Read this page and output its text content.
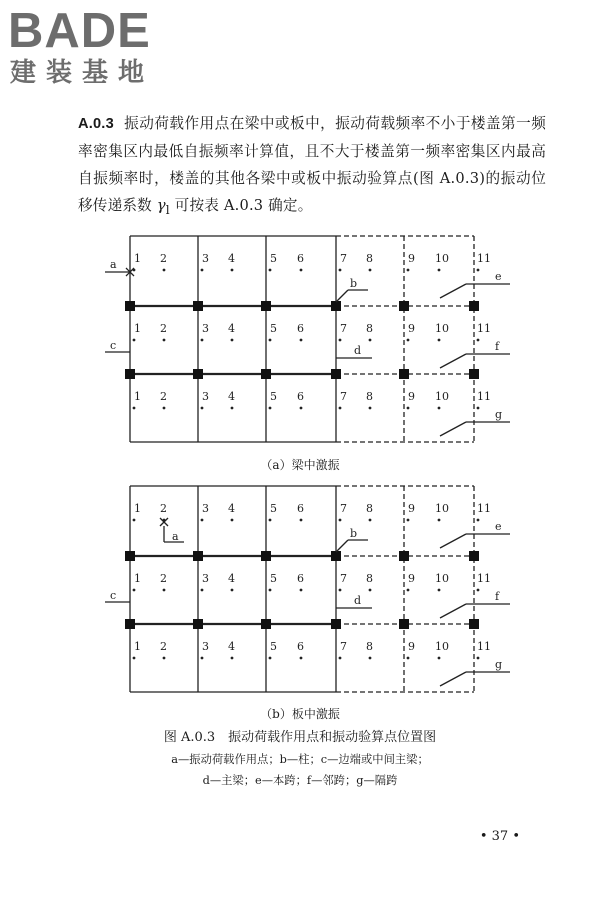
BADE
建装基地
A.0.3 振动荷载作用点在梁中或板中，振动荷载频率不小于楼盖第一频率密集区内最低自振频率计算值，且不大于楼盖第一频率密集区内最高自振频率时，楼盖的其他各梁中或板中振动验算点(图 A.0.3)的振动位移传递系数 $\gamma_l$ 可按表 A.0.3 确定。
1 2	3 4	5 6	7 8	9 10	11
1 2	3 4	5 6	7 8	9 10	11
1 2	3 4	5 6	7 8	9 10	11
a
b
c	d
e
f
g
1 2	3 4	5 6	7 8	9 10	11
1 2	3 4	5 6	7 8	9 10	11
1 2	3 4	5 6	7 8	9 10	11
a	b
c	d
e
f
g
（a）梁中激振
（b）板中激振
图 A.0.3　振动荷载作用点和振动验算点位置图
a—振动荷载作用点；b—柱；c—边端或中间主梁；
d—主梁；e—本跨；f—邻跨；g—隔跨
• 37 •
